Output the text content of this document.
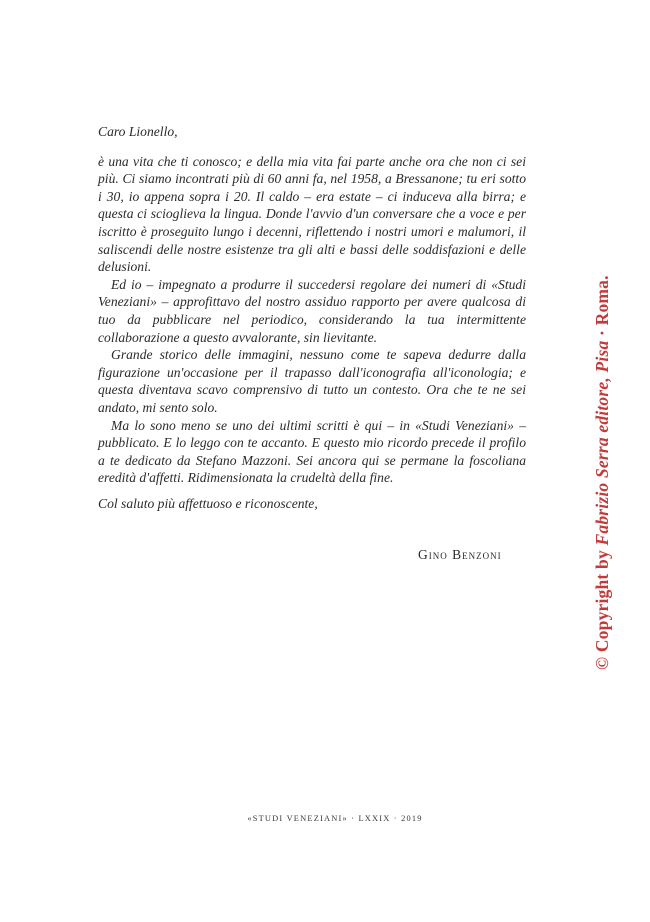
Caro Lionello,

è una vita che ti conosco; e della mia vita fai parte anche ora che non ci sei più. Ci siamo incontrati più di 60 anni fa, nel 1958, a Bressanone; tu eri sotto i 30, io appena sopra i 20. Il caldo – era estate – ci induceva alla birra; e questa ci scioglieva la lingua. Donde l'avvio d'un conversare che a voce e per iscritto è proseguito lungo i decenni, riflettendo i nostri umori e malumori, il saliscendi delle nostre esistenze tra gli alti e bassi delle soddisfazioni e delle delusioni.

Ed io – impegnato a produrre il succedersi regolare dei numeri di «Studi Veneziani» – approfittavo del nostro assiduo rapporto per avere qualcosa di tuo da pubblicare nel periodico, considerando la tua intermittente collaborazione a questo avvalorante, sin lievitante.

Grande storico delle immagini, nessuno come te sapeva dedurre dalla figurazione un'occasione per il trapasso dall'iconografia all'iconologia; e questa diventava scavo comprensivo di tutto un contesto. Ora che te ne sei andato, mi sento solo.

Ma lo sono meno se uno dei ultimi scritti è qui – in «Studi Veneziani» – pubblicato. E lo leggo con te accanto. E questo mio ricordo precede il profilo a te dedicato da Stefano Mazzoni. Sei ancora qui se permane la foscoliana eredità d'affetti. Ridimensionata la crudeltà della fine.

Col saluto più affettuoso e riconoscente,

Gino Benzoni
«STUDI VENEZIANI» · LXXIX · 2019
© Copyright by Fabrizio Serra editore, Pisa · Roma.
